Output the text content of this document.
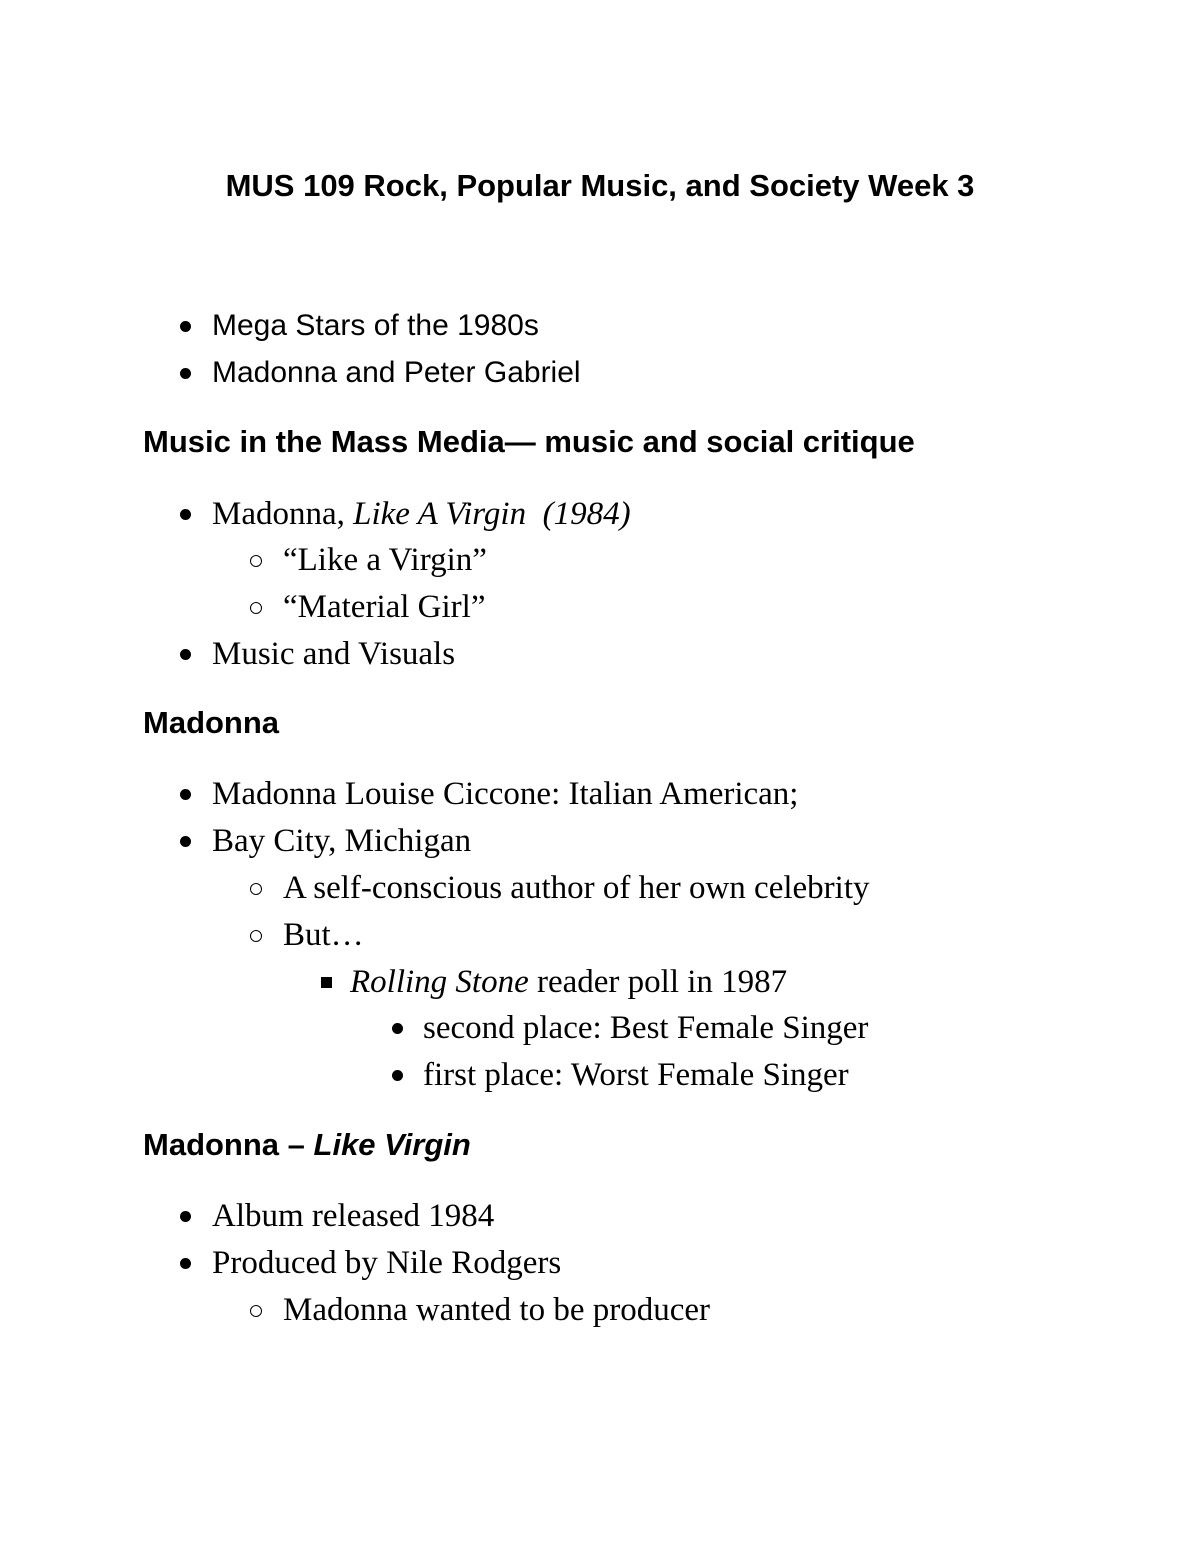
MUS 109 Rock, Popular Music, and Society Week 3
Mega Stars of the 1980s
Madonna and Peter Gabriel
Music in the Mass Media— music and social critique
Madonna, Like A Virgin  (1984)
“Like a Virgin”
“Material Girl”
Music and Visuals
Madonna
Madonna Louise Ciccone: Italian American;
Bay City, Michigan
A self-conscious author of her own celebrity
But…
Rolling Stone reader poll in 1987
second place: Best Female Singer
first place: Worst Female Singer
Madonna – Like Virgin
Album released 1984
Produced by Nile Rodgers
Madonna wanted to be producer
